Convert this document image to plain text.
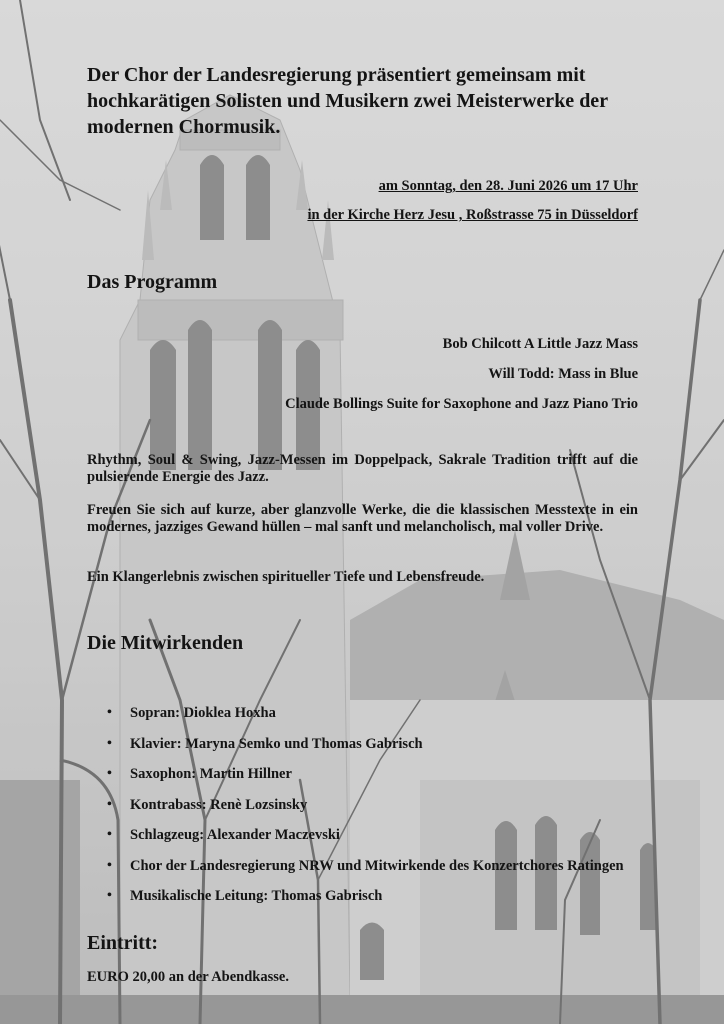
Der Chor der Landesregierung präsentiert gemeinsam mit hochkarätigen Solisten und Musikern zwei Meisterwerke der modernen Chormusik.

am Sonntag, den 28. Juni 2026 um 17 Uhr

in der Kirche Herz Jesu , Roßstrasse 75 in Düsseldorf

Das Programm

Bob Chilcott A Little Jazz Mass

Will Todd: Mass in Blue

Claude Bollings Suite for Saxophone and Jazz Piano Trio

Rhythm, Soul & Swing, Jazz-Messen im Doppelpack, Sakrale Tradition trifft auf die pulsierende Energie des Jazz.

Freuen Sie sich auf kurze, aber glanzvolle Werke, die die klassischen Messtexte in ein modernes, jazziges Gewand hüllen – mal sanft und melancholisch, mal voller Drive.

Ein Klangerlebnis zwischen spiritueller Tiefe und Lebensfreude.

Die Mitwirkenden
•	Sopran: Dioklea Hoxha
•	Klavier: Maryna Semko und Thomas Gabrisch
•	Saxophon: Martin Hillner
•	Kontrabass: Renè Lozsinsky
•	Schlagzeug: Alexander Maczevski
•	Chor der Landesregierung NRW und Mitwirkende des Konzertchores Ratingen
•	Musikalische Leitung: Thomas Gabrisch
Eintritt:

EURO 20,00 an der Abendkasse.
